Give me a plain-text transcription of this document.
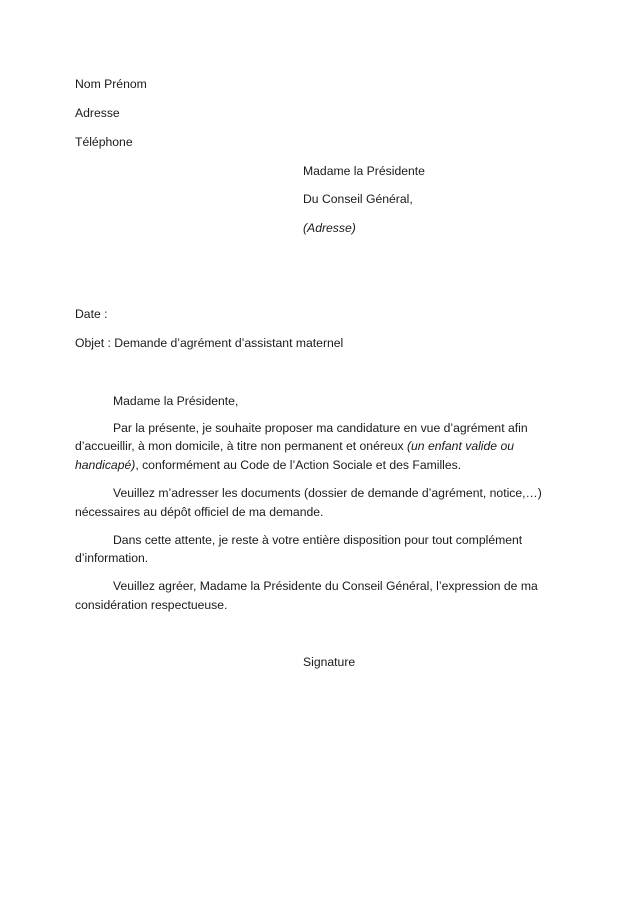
Nom Prénom
Adresse
Téléphone
Madame la Présidente
Du Conseil Général,
(Adresse)
Date :
Objet : Demande d’agrément d’assistant maternel
Madame la Présidente,
Par la présente, je souhaite proposer ma candidature en vue d’agrément afin
d’accueillir, à mon domicile, à titre non permanent et onéreux (un enfant valide ou
handicapé), conformément au Code de l’Action Sociale et des Familles.
Veuillez m’adresser les documents (dossier de demande d’agrément, notice,…)
nécessaires au dépôt officiel de ma demande.
Dans cette attente, je reste à votre entière disposition pour tout complément
d’information.
Veuillez agréer, Madame la Présidente du Conseil Général, l’expression de ma
considération respectueuse.
Signature
